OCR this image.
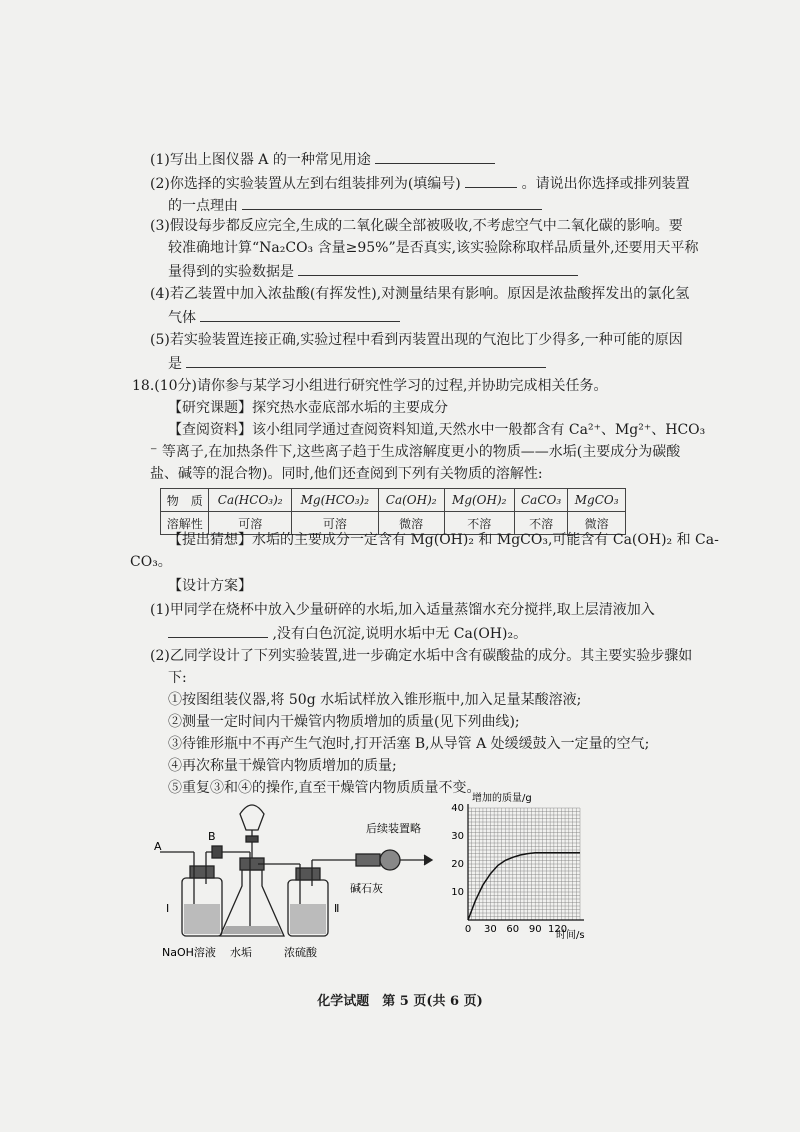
(1)写出上图仪器 A 的一种常见用途
(2)你选择的实验装置从左到右组装排列为(填编号)	。请说出你选择或排列装置
的一点理由
(3)假设每步都反应完全,生成的二氧化碳全部被吸收,不考虑空气中二氧化碳的影响。要
较准确地计算“Na₂CO₃ 含量≥95%”是否真实,该实验除称取样品质量外,还要用天平称
量得到的实验数据是
(4)若乙装置中加入浓盐酸(有挥发性),对测量结果有影响。原因是浓盐酸挥发出的氯化氢
气体
(5)若实验装置连接正确,实验过程中看到丙装置出现的气泡比丁少得多,一种可能的原因
是
18.(10分)请你参与某学习小组进行研究性学习的过程,并协助完成相关任务。
【研究课题】探究热水壶底部水垢的主要成分
【查阅资料】该小组同学通过查阅资料知道,天然水中一般都含有 Ca²⁺、Mg²⁺、HCO₃
⁻ 等离子,在加热条件下,这些离子趋于生成溶解度更小的物质——水垢(主要成分为碳酸
物　质	Ca(HCO₃)₂	Mg(HCO₃)₂	Ca(OH)₂	Mg(OH)₂	CaCO₃	MgCO₃
溶解性	可溶	可溶	微溶	不溶	不溶	微溶
盐、碱等的混合物)。同时,他们还查阅到下列有关物质的溶解性:
【提出猜想】水垢的主要成分一定含有 Mg(OH)₂ 和 MgCO₃,可能含有 Ca(OH)₂ 和 Ca-
CO₃。
【设计方案】
(1)甲同学在烧杯中放入少量研碎的水垢,加入适量蒸馏水充分搅拌,取上层清液加入
,没有白色沉淀,说明水垢中无 Ca(OH)₂。
(2)乙同学设计了下列实验装置,进一步确定水垢中含有碳酸盐的成分。其主要实验步骤如
下:
①按图组装仪器,将 50g 水垢试样放入锥形瓶中,加入足量某酸溶液;
②测量一定时间内干燥管内物质增加的质量(见下列曲线);
③待锥形瓶中不再产生气泡时,打开活塞 B,从导管 A 处缓缓鼓入一定量的空气;
④再次称量干燥管内物质增加的质量;
⑤重复③和④的操作,直至干燥管内物质质量不变。
A
B
Ⅰ	Ⅱ
NaOH溶液 水垢	浓硫酸
碱石灰
后续装置略
0 30 60 90 120
10
20
30
40
增加的质量/g
时间/s
化学试题　第 5 页(共 6 页)
